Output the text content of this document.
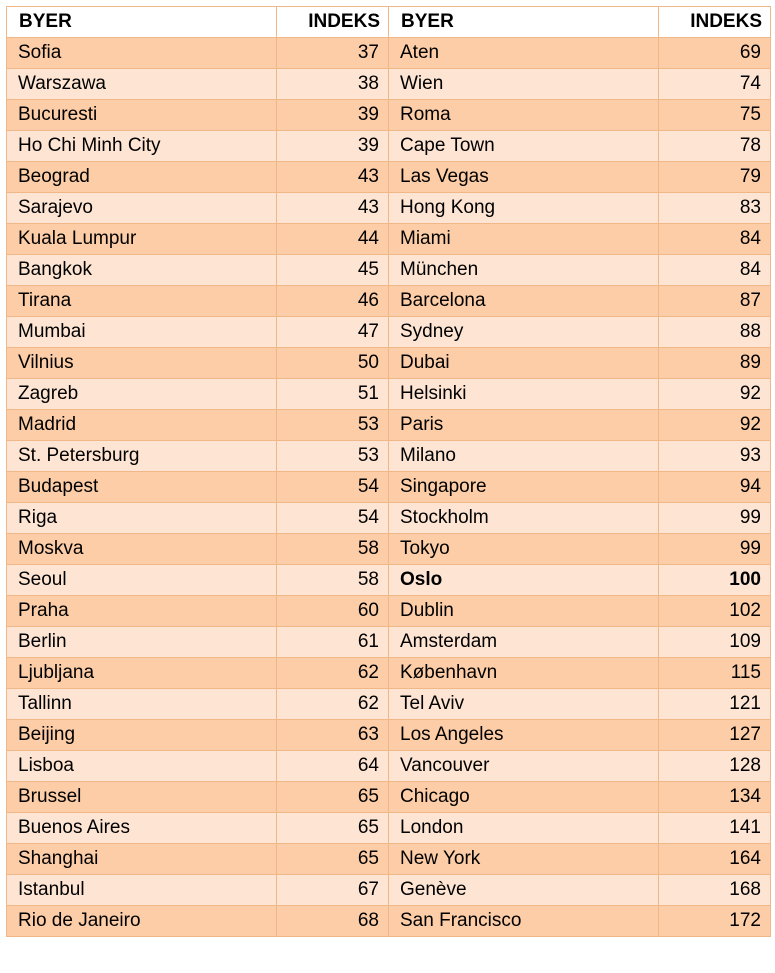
BYER	INDEKS	BYER	INDEKS
Sofia	37	Aten	69
Warszawa	38	Wien	74
Bucuresti	39	Roma	75
Ho Chi Minh City	39	Cape Town	78
Beograd	43	Las Vegas	79
Sarajevo	43	Hong Kong	83
Kuala Lumpur	44	Miami	84
Bangkok	45	München	84
Tirana	46	Barcelona	87
Mumbai	47	Sydney	88
Vilnius	50	Dubai	89
Zagreb	51	Helsinki	92
Madrid	53	Paris	92
St. Petersburg	53	Milano	93
Budapest	54	Singapore	94
Riga	54	Stockholm	99
Moskva	58	Tokyo	99
Seoul	58	Oslo	100
Praha	60	Dublin	102
Berlin	61	Amsterdam	109
Ljubljana	62	København	115
Tallinn	62	Tel Aviv	121
Beijing	63	Los Angeles	127
Lisboa	64	Vancouver	128
Brussel	65	Chicago	134
Buenos Aires	65	London	141
Shanghai	65	New York	164
Istanbul	67	Genève	168
Rio de Janeiro	68	San Francisco	172
